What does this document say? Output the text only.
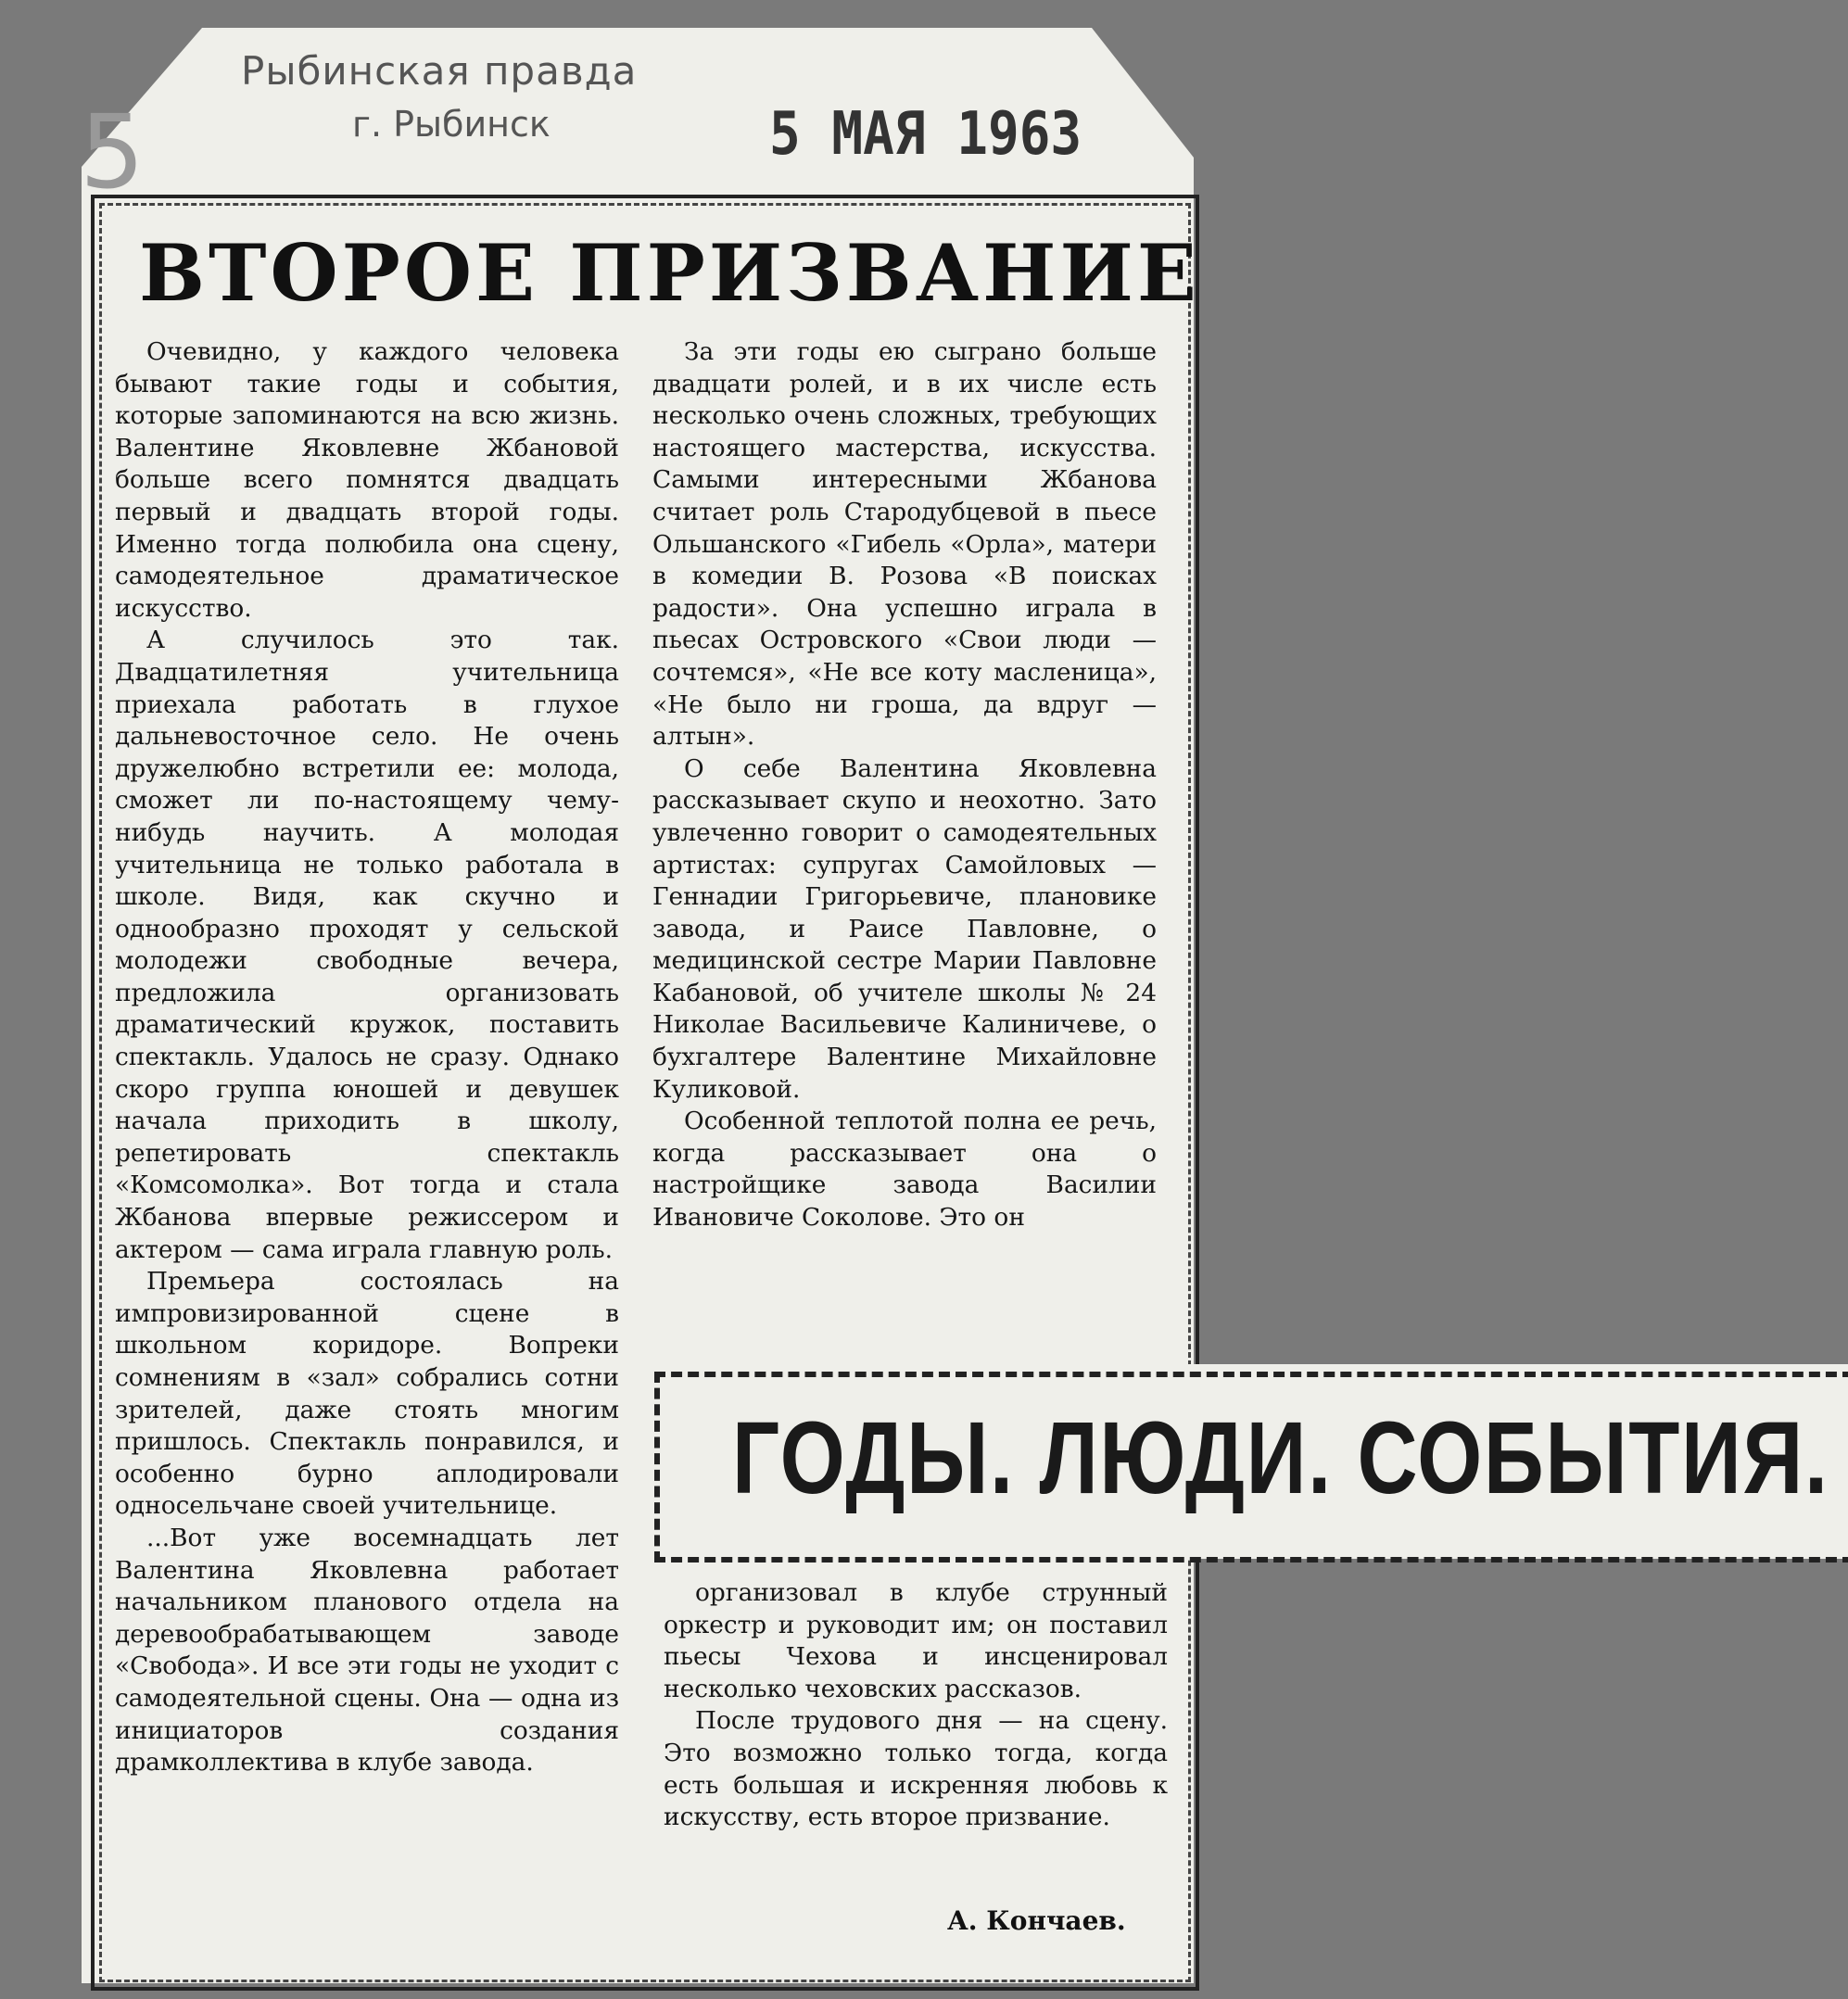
5
Рыбинская правда
г. Рыбинск	5 МАЯ 1963
ВТОРОЕ ПРИЗВАНИЕ

Очевидно, у каждого человека бывают такие годы и события, которые запоминаются на всю жизнь. Валентине Яковлевне Жбановой больше всего помнятся двадцать первый и двадцать второй годы. Именно тогда полюбила она сцену, самодеятельное драматическое искусство.

А случилось это так. Двадцатилетняя учительница приехала работать в глухое дальневосточное село. Не очень дружелюбно встретили ее: молода, сможет ли по-настоящему чему-нибудь научить. А молодая учительница не только работала в школе. Видя, как скучно и однообразно проходят у сельской молодежи свободные вечера, предложила организовать драматический кружок, поставить спектакль. Удалось не сразу. Однако скоро группа юношей и девушек начала приходить в школу, репетировать спектакль «Комсомолка». Вот тогда и стала Жбанова впервые режиссером и актером — сама играла главную роль.

Премьера состоялась на импровизированной сцене в школьном коридоре. Вопреки сомнениям в «зал» собрались сотни зрителей, даже стоять многим пришлось. Спектакль понравился, и особенно бурно аплодировали односельчане своей учительнице.

...Вот уже восемнадцать лет Валентина Яковлевна работает начальником планового отдела на деревообрабатывающем заводе «Свобода». И все эти годы не уходит с самодеятельной сцены. Она — одна из инициаторов создания драмколлектива в клубе завода.

За эти годы ею сыграно больше двадцати ролей, и в их числе есть несколько очень сложных, требующих настоящего мастерства, искусства. Самыми интересными Жбанова считает роль Стародубцевой в пьесе Ольшанского «Гибель «Орла», матери в комедии В. Розова «В поисках радости». Она успешно играла в пьесах Островского «Свои люди — сочтемся», «Не все коту масленица», «Не было ни гроша, да вдруг — алтын».

О себе Валентина Яковлевна рассказывает скупо и неохотно. Зато увлеченно говорит о самодеятельных артистах: супругах Самойловых — Геннадии Григорьевиче, плановике завода, и Раисе Павловне, о медицинской сестре Марии Павловне Кабановой, об учителе школы № 24 Николае Васильевиче Калиничеве, о бухгалтере Валентине Михайловне Куликовой.

Особенной теплотой полна ее речь, когда рассказывает она о настройщике завода Василии Ивановиче Соколове. Это он

ГОДЫ. ЛЮДИ. СОБЫТИЯ.

организовал в клубе струнный оркестр и руководит им; он поставил пьесы Чехова и инсценировал несколько чеховских рассказов.

После трудового дня — на сцену. Это возможно только тогда, когда есть большая и искренняя любовь к искусству, есть второе призвание.

А. Кончаев.
